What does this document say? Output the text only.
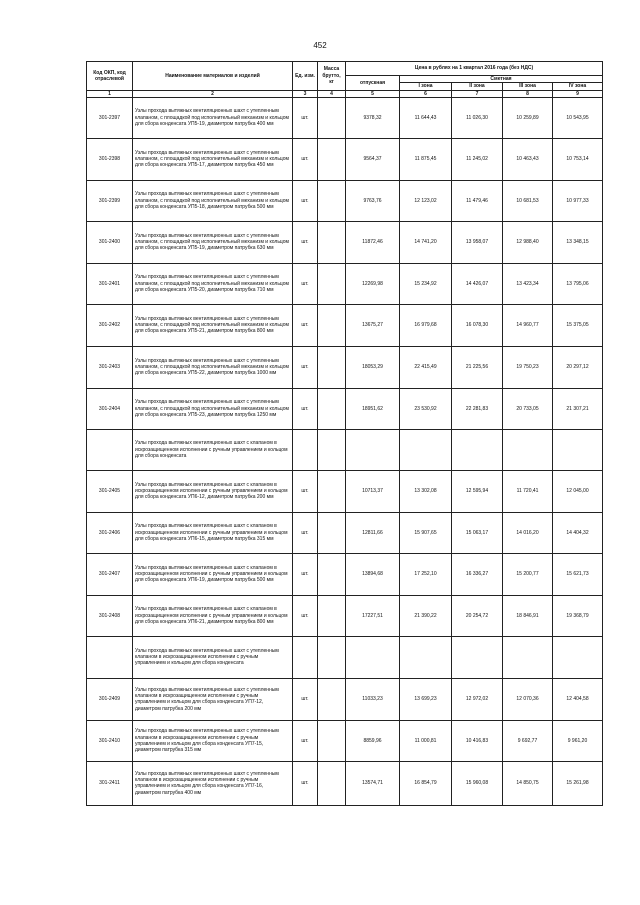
452
Код ОКП, код отраслевой	Наименование материалов и изделий	Ед. изм.	Масса брутто, кг	Цена в рублях на 1 квартал 2016 года (без НДС)				
				отпускная	Сметная			
					I зона	II зона	III зона	IV зона
1	2	3	4	5	6	7	8	9
301-2397	Узлы прохода вытяжных вентиляционных шахт с утепленным клапаном, с площадкой под исполнительный механизм и кольцом для сбора конденсата УП5-19, диаметром патрубка 400 мм	шт.		9378,32	11 644,43	11 026,30	10 259,89	10 543,95
301-2398	Узлы прохода вытяжных вентиляционных шахт с утепленным клапаном, с площадкой под исполнительный механизм и кольцом для сбора конденсата УП5-17, диаметром патрубка 450 мм	шт.		9564,37	11 875,45	11 245,02	10 463,43	10 753,14
301-2399	Узлы прохода вытяжных вентиляционных шахт с утепленным клапаном, с площадкой под исполнительный механизм и кольцом для сбора конденсата УП5-18, диаметром патрубка 500 мм	шт.		9763,76	12 123,02	11 479,46	10 681,53	10 977,33
301-2400	Узлы прохода вытяжных вентиляционных шахт с утепленным клапаном, с площадкой под исполнительный механизм и кольцом для сбора конденсата УП5-19, диаметром патрубка 630 мм	шт.		11872,46	14 741,20	13 958,07	12 988,40	13 348,15
301-2401	Узлы прохода вытяжных вентиляционных шахт с утепленным клапаном, с площадкой под исполнительный механизм и кольцом для сбора конденсата УП5-20, диаметром патрубка 710 мм	шт.		12269,98	15 234,92	14 426,07	13 423,34	13 795,06
301-2402	Узлы прохода вытяжных вентиляционных шахт с утепленным клапаном, с площадкой под исполнительный механизм и кольцом для сбора конденсата УП5-21, диаметром патрубка 800 мм	шт.		13675,27	16 979,68	16 078,30	14 960,77	15 375,05
301-2403	Узлы прохода вытяжных вентиляционных шахт с утепленным клапаном, с площадкой под исполнительный механизм и кольцом для сбора конденсата УП5-22, диаметром патрубка 1000 мм	шт.		18053,29	22 415,49	21 225,56	19 750,23	20 297,12
301-2404	Узлы прохода вытяжных вентиляционных шахт с утепленным клапаном, с площадкой под исполнительный механизм и кольцом для сбора конденсата УП5-23, диаметром патрубка 1250 мм	шт.		18951,62	23 530,92	22 281,83	20 733,05	21 307,21
	Узлы прохода вытяжных вентиляционных шахт с клапаном в искрозащищенном исполнении с ручным управлением и кольцом для сбора конденсата							
301-2405	Узлы прохода вытяжных вентиляционных шахт с клапаном в искрозащищенном исполнении с ручным управлением и кольцом для сбора конденсата УП6-12, диаметром патрубка 200 мм	шт.		10713,37	13 302,08	12 595,94	11 720,41	12 045,00
301-2406	Узлы прохода вытяжных вентиляционных шахт с клапаном в искрозащищенном исполнении с ручным управлением и кольцом для сбора конденсата УП6-15, диаметром патрубка 315 мм	шт.		12811,66	15 907,65	15 063,17	14 016,20	14 404,32
301-2407	Узлы прохода вытяжных вентиляционных шахт с клапаном в искрозащищенном исполнении с ручным управлением и кольцом для сбора конденсата УП6-19, диаметром патрубка 500 мм	шт.		13894,68	17 252,10	16 336,27	15 200,77	15 621,73
301-2408	Узлы прохода вытяжных вентиляционных шахт с клапаном в искрозащищенном исполнении с ручным управлением и кольцом для сбора конденсата УП6-21, диаметром патрубка 800 мм	шт.		17227,51	21 390,22	20 254,72	18 846,91	19 368,79
	Узлы прохода вытяжных вентиляционных шахт с утепленным клапаном в искрозащищенном исполнении с ручным управлением и кольцом для сбора конденсата							
301-2409	Узлы прохода вытяжных вентиляционных шахт с утепленным клапаном в искрозащищенном исполнении с ручным управлением и кольцом для сбора конденсата УП7-12, диаметром патрубка 200 мм	шт.		11033,23	13 699,23	12 972,02	12 070,36	12 404,58
301-2410	Узлы прохода вытяжных вентиляционных шахт с утепленным клапаном в искрозащищенном исполнении с ручным управлением и кольцом для сбора конденсата УП7-15, диаметром патрубка 315 мм	шт.		8859,96	11 000,81	10 416,83	9 692,77	9 961,20
301-2411	Узлы прохода вытяжных вентиляционных шахт с утепленным клапаном в искрозащищенном исполнении с ручным управлением и кольцом для сбора конденсата УП7-16, диаметром патрубка 400 мм	шт.		13574,71	16 854,79	15 960,08	14 850,75	15 261,98
